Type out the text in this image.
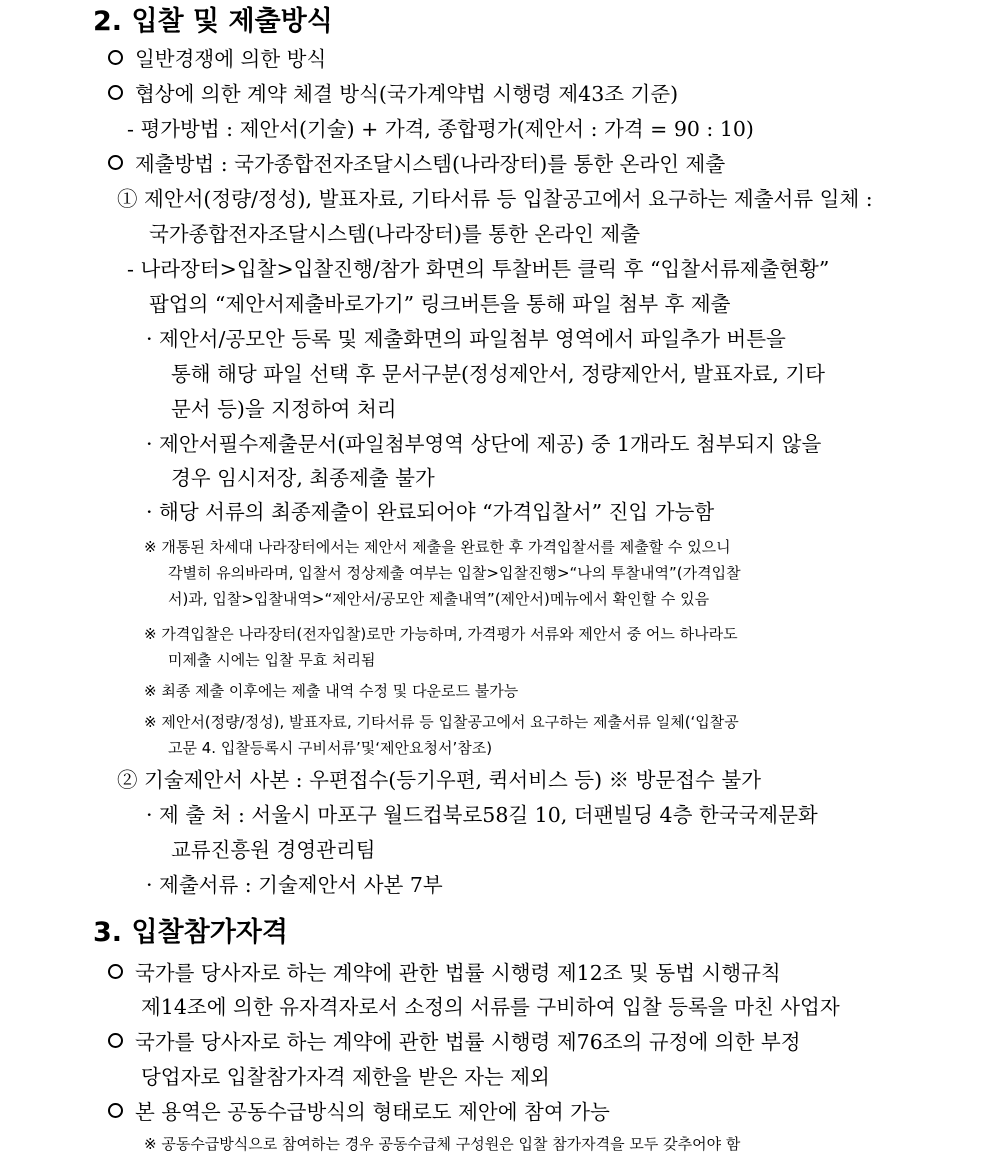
2. 입찰 및 제출방식
일반경쟁에 의한 방식
협상에 의한 계약 체결 방식(국가계약법 시행령 제43조 기준)
- 평가방법 : 제안서(기술) + 가격, 종합평가(제안서 : 가격 = 90 : 10)
제출방법 : 국가종합전자조달시스템(나라장터)를 통한 온라인 제출
① 제안서(정량/정성), 발표자료, 기타서류 등 입찰공고에서 요구하는 제출서류 일체 :
국가종합전자조달시스템(나라장터)를 통한 온라인 제출
- 나라장터>입찰>입찰진행/참가 화면의 투찰버튼 클릭 후 “입찰서류제출현황”
팝업의 “제안서제출바로가기” 링크버튼을 통해 파일 첨부 후 제출
· 제안서/공모안 등록 및 제출화면의 파일첨부 영역에서 파일추가 버튼을
통해 해당 파일 선택 후 문서구분(정성제안서, 정량제안서, 발표자료, 기타
문서 등)을 지정하여 처리
· 제안서필수제출문서(파일첨부영역 상단에 제공) 중 1개라도 첨부되지 않을
경우 임시저장, 최종제출 불가
· 해당 서류의 최종제출이 완료되어야 “가격입찰서” 진입 가능함
※ 개통된 차세대 나라장터에서는 제안서 제출을 완료한 후 가격입찰서를 제출할 수 있으니
각별히 유의바라며, 입찰서 정상제출 여부는 입찰>입찰진행>“나의 투찰내역”(가격입찰
서)과, 입찰>입찰내역>“제안서/공모안 제출내역”(제안서)메뉴에서 확인할 수 있음
※ 가격입찰은 나라장터(전자입찰)로만 가능하며, 가격평가 서류와 제안서 중 어느 하나라도
미제출 시에는 입찰 무효 처리됨
※ 최종 제출 이후에는 제출 내역 수정 및 다운로드 불가능
※ 제안서(정량/정성), 발표자료, 기타서류 등 입찰공고에서 요구하는 제출서류 일체(‘입찰공
고문 4. 입찰등록시 구비서류’및‘제안요청서’참조)
② 기술제안서 사본 : 우편접수(등기우편, 퀵서비스 등) ※ 방문접수 불가
· 제 출 처 : 서울시 마포구 월드컵북로58길 10, 더팬빌딩 4층 한국국제문화
교류진흥원 경영관리팀
· 제출서류 : 기술제안서 사본 7부
3. 입찰참가자격
국가를 당사자로 하는 계약에 관한 법률 시행령 제12조 및 동법 시행규칙
제14조에 의한 유자격자로서 소정의 서류를 구비하여 입찰 등록을 마친 사업자
국가를 당사자로 하는 계약에 관한 법률 시행령 제76조의 규정에 의한 부정
당업자로 입찰참가자격 제한을 받은 자는 제외
본 용역은 공동수급방식의 형태로도 제안에 참여 가능
※ 공동수급방식으로 참여하는 경우 공동수급체 구성원은 입찰 참가자격을 모두 갖추어야 함
